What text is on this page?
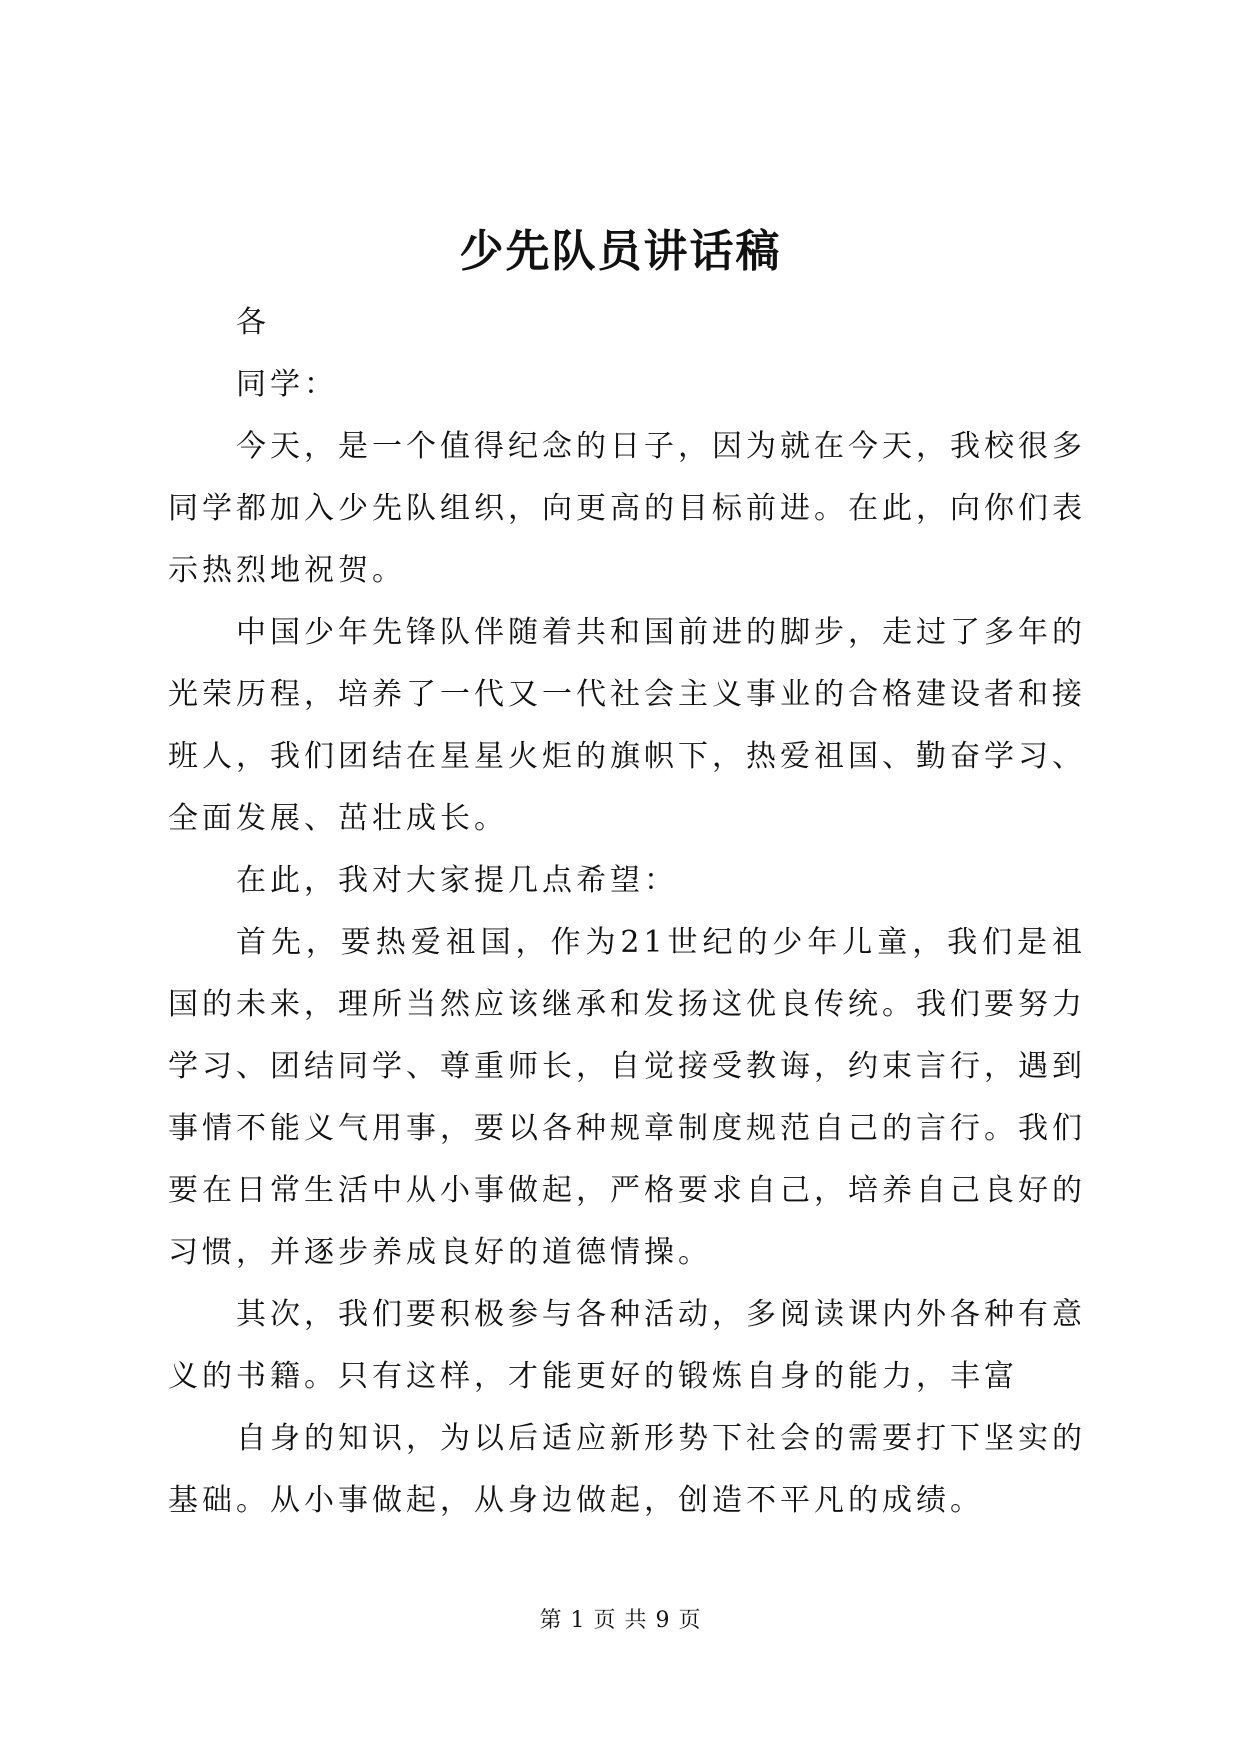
少先队员讲话稿

各

同学：

今天，是一个值得纪念的日子，因为就在今天，我校很多同学都加入少先队组织，向更高的目标前进。在此，向你们表示热烈地祝贺。

中国少年先锋队伴随着共和国前进的脚步，走过了多年的光荣历程，培养了一代又一代社会主义事业的合格建设者和接班人，我们团结在星星火炬的旗帜下，热爱祖国、勤奋学习、全面发展、茁壮成长。

在此，我对大家提几点希望：

首先，要热爱祖国，作为21世纪的少年儿童，我们是祖国的未来，理所当然应该继承和发扬这优良传统。我们要努力学习、团结同学、尊重师长，自觉接受教诲，约束言行，遇到事情不能义气用事，要以各种规章制度规范自己的言行。我们要在日常生活中从小事做起，严格要求自己，培养自己良好的习惯，并逐步养成良好的道德情操。

其次，我们要积极参与各种活动，多阅读课内外各种有意义的书籍。只有这样，才能更好的锻炼自身的能力，丰富

自身的知识，为以后适应新形势下社会的需要打下坚实的基础。从小事做起，从身边做起，创造不平凡的成绩。

第 1 页 共 9 页
